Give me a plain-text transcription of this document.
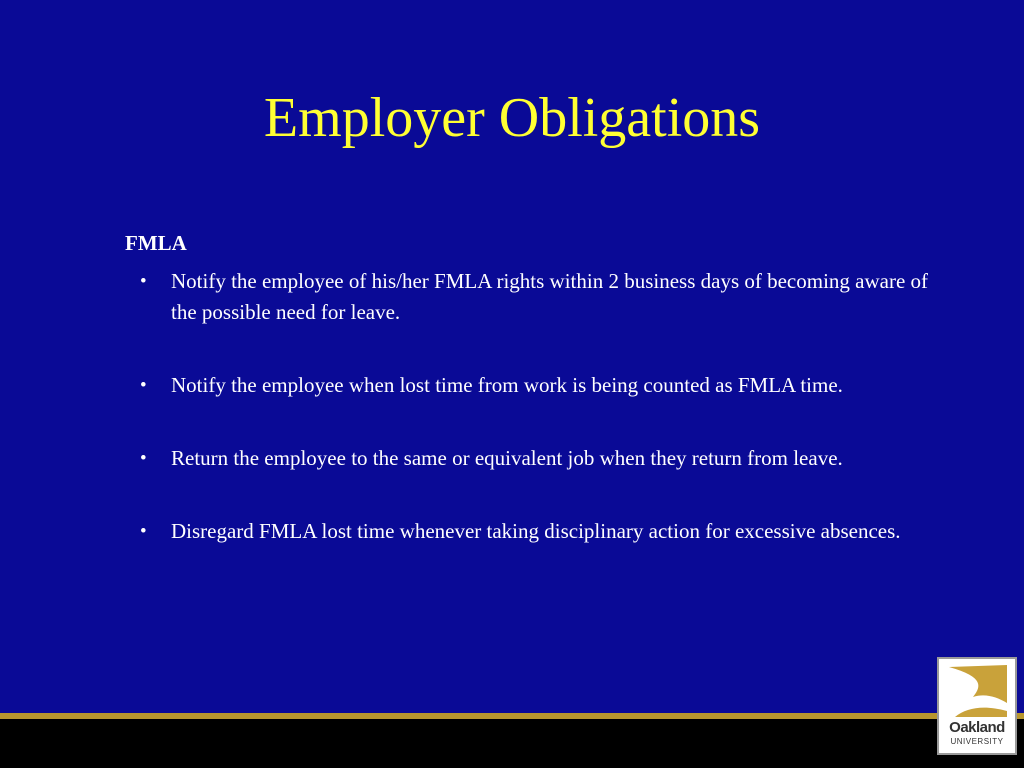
Employer Obligations
FMLA
• Notify the employee of his/her FMLA rights within 2 business days of becoming aware of the possible need for leave.
• Notify the employee when lost time from work is being counted as FMLA time.
• Return the employee to the same or equivalent job when they return from leave.
• Disregard FMLA lost time whenever taking disciplinary action for excessive absences.
Oakland
UNIVERSITY
